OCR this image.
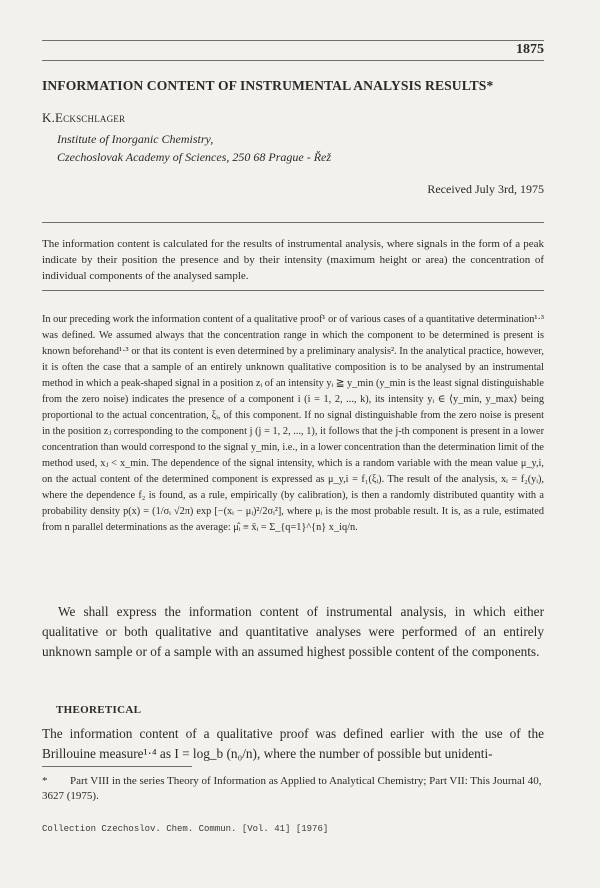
1875
INFORMATION CONTENT OF INSTRUMENTAL ANALYSIS RESULTS*
K.Eckschlager
Institute of Inorganic Chemistry,
Czechoslovak Academy of Sciences, 250 68 Prague - Řež
Received July 3rd, 1975
The information content is calculated for the results of instrumental analysis, where signals in the form of a peak indicate by their position the presence and by their intensity (maximum height or area) the concentration of individual components of the analysed sample.
In our preceding work the information content of a qualitative proof¹ or of various cases of a quantitative determination¹·³ was defined. We assumed always that the concentration range in which the component to be determined is present is known beforehand¹·³ or that its content is even determined by a preliminary analysis². In the analytical practice, however, it is often the case that a sample of an entirely unknown qualitative composition is to be analysed by an instrumental method in which a peak-shaped signal in a position zᵢ of an intensity yᵢ ≧ y_min (y_min is the least signal distinguishable from the zero noise) indicates the presence of a component i (i = 1, 2, ..., k), its intensity yᵢ ∈ ⟨y_min, y_max⟩ being proportional to the actual concentration, ξᵢ, of this component. If no signal distinguishable from the zero noise is present in the position zⱼ corresponding to the component j (j = 1, 2, ..., 1), it follows that the j-th component is present in a lower concentration than would correspond to the signal y_min, i.e., in a lower concentration than the determination limit of the method used, xⱼ < x_min. The dependence of the signal intensity, which is a random variable with the mean value μ_y,i, on the actual content of the determined component is expressed as μ_y,i = f₁(ξᵢ). The result of the analysis, xᵢ = f₂(yᵢ), where the dependence f₂ is found, as a rule, empirically (by calibration), is then a randomly distributed quantity with a probability density p(x) = (1/σᵢ √2π) exp [−(xᵢ − μᵢ)²/2σᵢ²], where μᵢ is the most probable result. It is, as a rule, estimated from n parallel determinations as the average: μ̂ᵢ ≡ x̄ᵢ = Σ_{q=1}^{n} x_iq/n.
We shall express the information content of instrumental analysis, in which either qualitative or both qualitative and quantitative analyses were performed of an entirely unknown sample or of a sample with an assumed highest possible content of the components.
THEORETICAL
The information content of a qualitative proof was defined earlier with the use of the Brillouine measure¹·⁴ as I = log_b (n₀/n), where the number of possible but unidenti-
* Part VIII in the series Theory of Information as Applied to Analytical Chemistry; Part VII: This Journal 40, 3627 (1975).
Collection Czechoslov. Chem. Commun. [Vol. 41] [1976]
